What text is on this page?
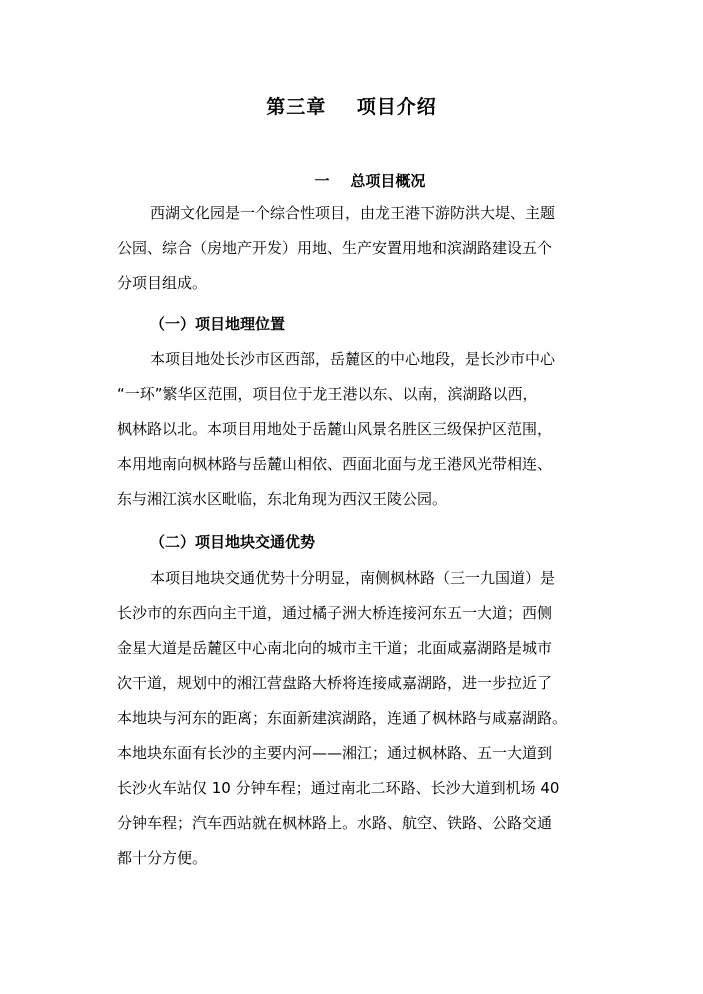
第三章    项目介绍
一    总项目概况
西湖文化园是一个综合性项目，由龙王港下游防洪大堤、主题
公园、综合（房地产开发）用地、生产安置用地和滨湖路建设五个
分项目组成。
（一）项目地理位置
本项目地处长沙市区西部，岳麓区的中心地段，是长沙市中心
“一环”繁华区范围，项目位于龙王港以东、以南，滨湖路以西，
枫林路以北。本项目用地处于岳麓山风景名胜区三级保护区范围，
本用地南向枫林路与岳麓山相依、西面北面与龙王港风光带相连、
东与湘江滨水区毗临，东北角现为西汉王陵公园。
（二）项目地块交通优势
本项目地块交通优势十分明显，南侧枫林路（三一九国道）是
长沙市的东西向主干道，通过橘子洲大桥连接河东五一大道；西侧
金星大道是岳麓区中心南北向的城市主干道；北面咸嘉湖路是城市
次干道，规划中的湘江营盘路大桥将连接咸嘉湖路，进一步拉近了
本地块与河东的距离；东面新建滨湖路，连通了枫林路与咸嘉湖路。
本地块东面有长沙的主要内河——湘江；通过枫林路、五一大道到
长沙火车站仅 10 分钟车程；通过南北二环路、长沙大道到机场 40
分钟车程；汽车西站就在枫林路上。水路、航空、铁路、公路交通
都十分方便。
